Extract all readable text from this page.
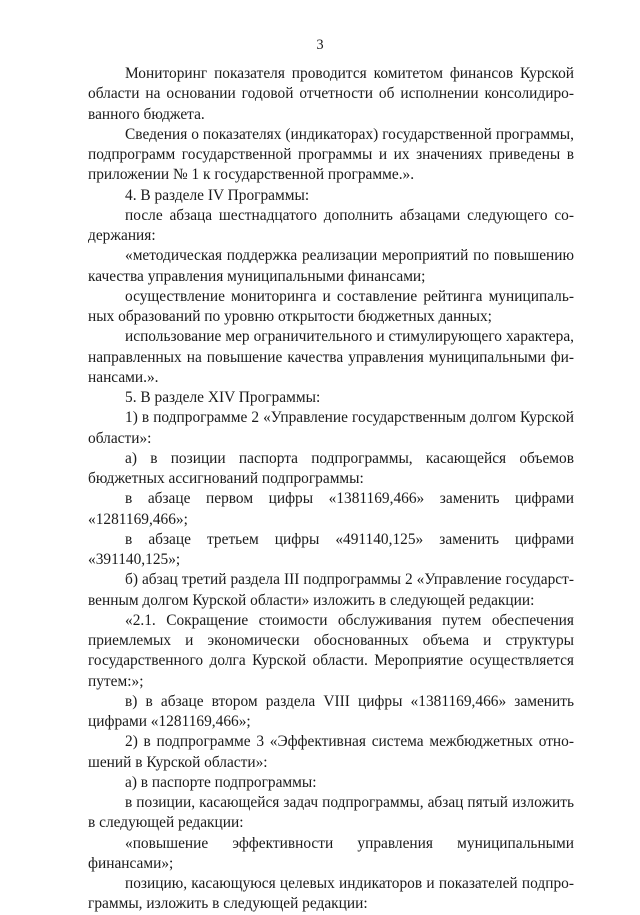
3

Мониторинг показателя проводится комитетом финансов Курской области на основании годовой отчетности об исполнении консолидированного бюджета.

Сведения о показателях (индикаторах) государственной программы, подпрограмм государственной программы и их значениях приведены в приложении № 1 к государственной программе.».

4. В разделе IV Программы:

после абзаца шестнадцатого дополнить абзацами следующего содержания:

«методическая поддержка реализации мероприятий по повышению качества управления муниципальными финансами;

осуществление мониторинга и составление рейтинга муниципальных образований по уровню открытости бюджетных данных;

использование мер ограничительного и стимулирующего характера, направленных на повышение качества управления муниципальными финансами.».

5. В разделе XIV Программы:

1) в подпрограмме 2 «Управление государственным долгом Курской области»:

а) в позиции паспорта подпрограммы, касающейся объемов бюджетных ассигнований подпрограммы:

в абзаце первом цифры «1381169,466» заменить цифрами «1281169,466»;

в абзаце третьем цифры «491140,125» заменить цифрами «391140,125»;

б) абзац третий раздела III подпрограммы 2 «Управление государственным долгом Курской области» изложить в следующей редакции:

«2.1. Сокращение стоимости обслуживания путем обеспечения приемлемых и экономически обоснованных объема и структуры государственного долга Курской области. Мероприятие осуществляется путем:»;

в) в абзаце втором раздела VIII цифры «1381169,466» заменить цифрами «1281169,466»;

2) в подпрограмме 3 «Эффективная система межбюджетных отношений в Курской области»:

а) в паспорте подпрограммы:

в позиции, касающейся задач подпрограммы, абзац пятый изложить в следующей редакции:

«повышение эффективности управления муниципальными финансами»;

позицию, касающуюся целевых индикаторов и показателей подпрограммы, изложить в следующей редакции:
